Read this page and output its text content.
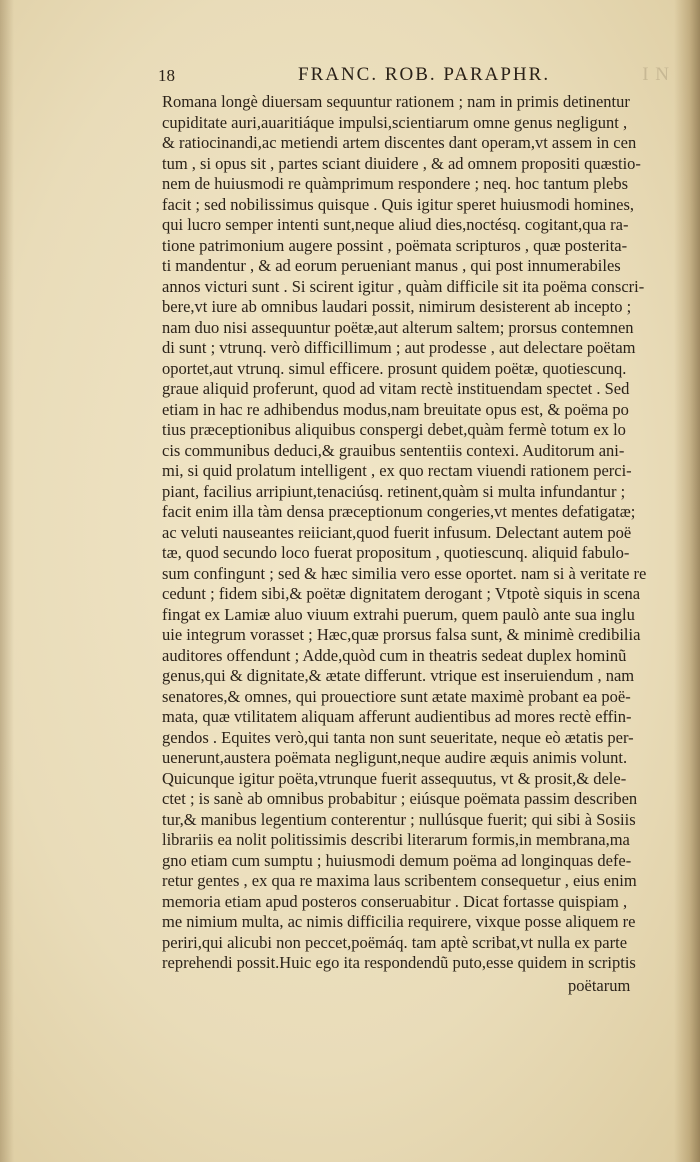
18	FRANC. ROB. PARAPHR.	I N
Romana longè diuersam sequuntur rationem ; nam in primis detinentur
cupiditate auri,auaritiáque impulsi,scientiarum omne genus negligunt ,
& ratiocinandi,ac metiendi artem discentes dant operam,vt assem in cen
tum , si opus sit , partes sciant diuidere , & ad omnem propositi quæstio-
nem de huiusmodi re quàmprimum respondere ; neq. hoc tantum plebs
facit ; sed nobilissimus quisque . Quis igitur speret huiusmodi homines,
qui lucro semper intenti sunt,neque aliud dies,noctésq. cogitant,qua ra-
tione patrimonium augere possint , poëmata scripturos , quæ posterita-
ti mandentur , & ad eorum perueniant manus , qui post innumerabiles
annos victuri sunt . Si scirent igitur , quàm difficile sit ita poëma conscri-
bere,vt iure ab omnibus laudari possit, nimirum desisterent ab incepto ;
nam duo nisi assequuntur poëtæ,aut alterum saltem; prorsus contemnen
di sunt ; vtrunq. verò difficillimum ; aut prodesse , aut delectare poëtam
oportet,aut vtrunq. simul efficere. prosunt quidem poëtæ, quotiescunq.
graue aliquid proferunt, quod ad vitam rectè instituendam spectet . Sed
etiam in hac re adhibendus modus,nam breuitate opus est, & poëma po
tius præceptionibus aliquibus conspergi debet,quàm fermè totum ex lo
cis communibus deduci,& grauibus sententiis contexi. Auditorum ani-
mi, si quid prolatum intelligent , ex quo rectam viuendi rationem perci-
piant, facilius arripiunt,tenaciúsq. retinent,quàm si multa infundantur ;
facit enim illa tàm densa præceptionum congeries,vt mentes defatigatæ;
ac veluti nauseantes reiiciant,quod fuerit infusum. Delectant autem poë
tæ, quod secundo loco fuerat propositum , quotiescunq. aliquid fabulo-
sum confingunt ; sed & hæc similia vero esse oportet. nam si à veritate re
cedunt ; fidem sibi,& poëtæ dignitatem derogant ; Vtpotè siquis in scena
fingat ex Lamiæ aluo viuum extrahi puerum, quem paulò ante sua inglu
uie integrum vorasset ; Hæc,quæ prorsus falsa sunt, & minimè credibilia
auditores offendunt ; Adde,quòd cum in theatris sedeat duplex hominũ
genus,qui & dignitate,& ætate differunt. vtrique est inseruiendum , nam
senatores,& omnes, qui prouectiore sunt ætate maximè probant ea poë-
mata, quæ vtilitatem aliquam afferunt audientibus ad mores rectè effin-
gendos . Equites verò,qui tanta non sunt seueritate, neque eò ætatis per-
uenerunt,austera poëmata negligunt,neque audire æquis animis volunt.
Quicunque igitur poëta,vtrunque fuerit assequutus, vt & prosit,& dele-
ctet ; is sanè ab omnibus probabitur ; eiúsque poëmata passim describen
tur,& manibus legentium conterentur ; nullúsque fuerit; qui sibi à Sosiis
librariis ea nolit politissimis describi literarum formis,in membrana,ma
gno etiam cum sumptu ; huiusmodi demum poëma ad longinquas defe-
retur gentes , ex qua re maxima laus scribentem consequetur , eius enim
memoria etiam apud posteros conseruabitur . Dicat fortasse quispiam ,
me nimium multa, ac nimis difficilia requirere, vixque posse aliquem re
periri,qui alicubi non peccet,poëmáq. tam aptè scribat,vt nulla ex parte
reprehendi possit.Huic ego ita respondendũ puto,esse quidem in scriptis
poëtarum
